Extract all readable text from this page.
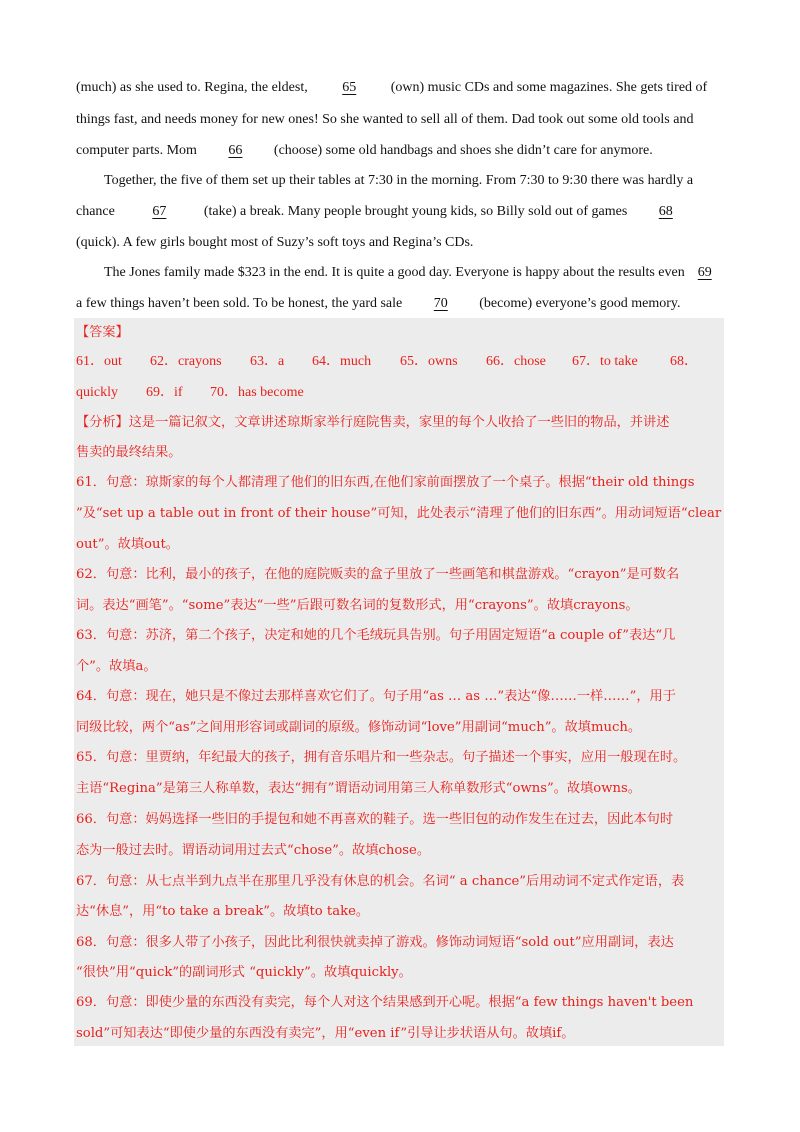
(much) as she used to. Regina, the eldest, 65 (own) music CDs and some magazines. She gets tired of
things fast, and needs money for new ones! So she wanted to sell all of them. Dad took out some old tools and
computer parts. Mom 66 (choose) some old handbags and shoes she didn’t care for anymore.
Together, the five of them set up their tables at 7:30 in the morning. From 7:30 to 9:30 there was hardly a
chance 67 (take) a break. Many people brought young kids, so Billy sold out of games 68
(quick). A few girls bought most of Suzy’s soft toys and Regina’s CDs.
The Jones family made $323 in the end. It is quite a good day. Everyone is happy about the results even 69
a few things haven’t been sold. To be honest, the yard sale 70 (become) everyone’s good memory.
【答案】
61．out 62．crayons 63．a 64．much 65．owns 66．chose 67．to take 68．
quickly 69．if 70．has become
【分析】这是一篇记叙文，文章讲述琼斯家举行庭院售卖，家里的每个人收拾了一些旧的物品，并讲述
售卖的最终结果。
61．句意：琼斯家的每个人都清理了他们的旧东西,在他们家前面摆放了一个桌子。根据“their old things
”及“set up a table out in front of their house”可知，此处表示“清理了他们的旧东西”。用动词短语“clear
out”。故填out。
62．句意：比利，最小的孩子，在他的庭院贩卖的盒子里放了一些画笔和棋盘游戏。“crayon”是可数名
词。表达“画笔”。“some”表达“一些”后跟可数名词的复数形式，用“crayons”。故填crayons。
63．句意：苏济，第二个孩子，决定和她的几个毛绒玩具告别。句子用固定短语“a couple of”表达“几
个”。故填a。
64．句意：现在，她只是不像过去那样喜欢它们了。句子用“as … as …”表达“像……一样……”，用于
同级比较，两个“as”之间用形容词或副词的原级。修饰动词“love”用副词“much”。故填much。
65．句意：里贾纳，年纪最大的孩子，拥有音乐唱片和一些杂志。句子描述一个事实，应用一般现在时。
主语“Regina”是第三人称单数，表达“拥有”谓语动词用第三人称单数形式“owns”。故填owns。
66．句意：妈妈选择一些旧的手提包和她不再喜欢的鞋子。选一些旧包的动作发生在过去，因此本句时
态为一般过去时。谓语动词用过去式“chose”。故填chose。
67．句意：从七点半到九点半在那里几乎没有休息的机会。名词“ a chance”后用动词不定式作定语，表
达“休息”，用“to take a break”。故填to take。
68．句意：很多人带了小孩子，因此比利很快就卖掉了游戏。修饰动词短语“sold out”应用副词，表达
“很快”用“quick”的副词形式 “quickly”。故填quickly。
69．句意：即使少量的东西没有卖完，每个人对这个结果感到开心呢。根据“a few things haven't been
sold”可知表达“即使少量的东西没有卖完”，用“even if”引导让步状语从句。故填if。
